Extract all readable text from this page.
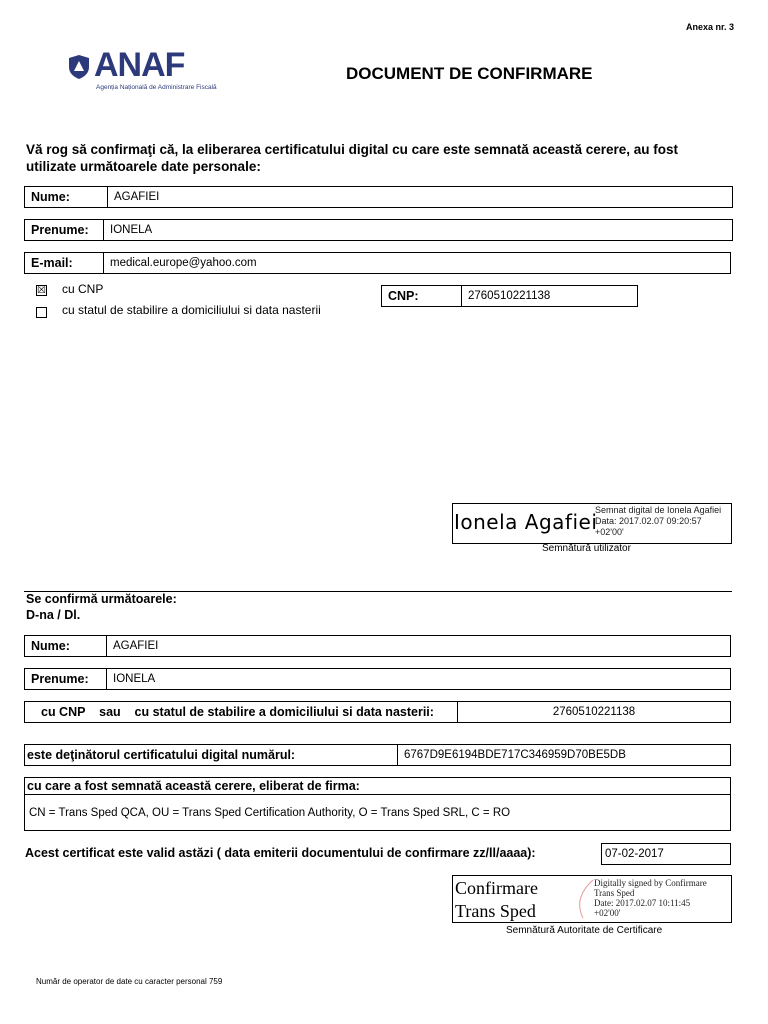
Anexa nr. 3
ANAF
Agenția Națională de Administrare Fiscală
DOCUMENT DE CONFIRMARE
Vă rog să confirmaţi că, la eliberarea certificatului digital cu care este semnată această cerere, au fost utilizate următoarele date personale:
Nume:	AGAFIEI
Prenume:	IONELA
E-mail:	medical.europe@yahoo.com
☒ cu CNP
cu statul de stabilire a domiciliului si data nasterii
CNP:	2760510221138
Ionela Agafiei
Semnat digital de Ionela Agafiei
Data: 2017.02.07 09:20:57
+02'00'
Semnătură utilizator
Se confirmă următoarele:
D-na / Dl.
Nume:	AGAFIEI
Prenume:	IONELA
cu CNP    sau    cu statul de stabilire a domiciliului si data nasterii:	2760510221138
este deţinătorul certificatului digital numărul:	6767D9E6194BDE717C346959D70BE5DB
cu care a fost semnată această cerere, eliberat de firma:
CN = Trans Sped QCA, OU = Trans Sped Certification Authority, O = Trans Sped SRL, C = RO
Acest certificat este valid astăzi ( data emiterii documentului de confirmare zz/ll/aaaa):	07-02-2017
Confirmare
Trans Sped
Digitally signed by Confirmare
Trans Sped
Date: 2017.02.07 10:11:45
+02'00'
Semnătură Autoritate de Certificare
Număr de operator de date cu caracter personal 759
